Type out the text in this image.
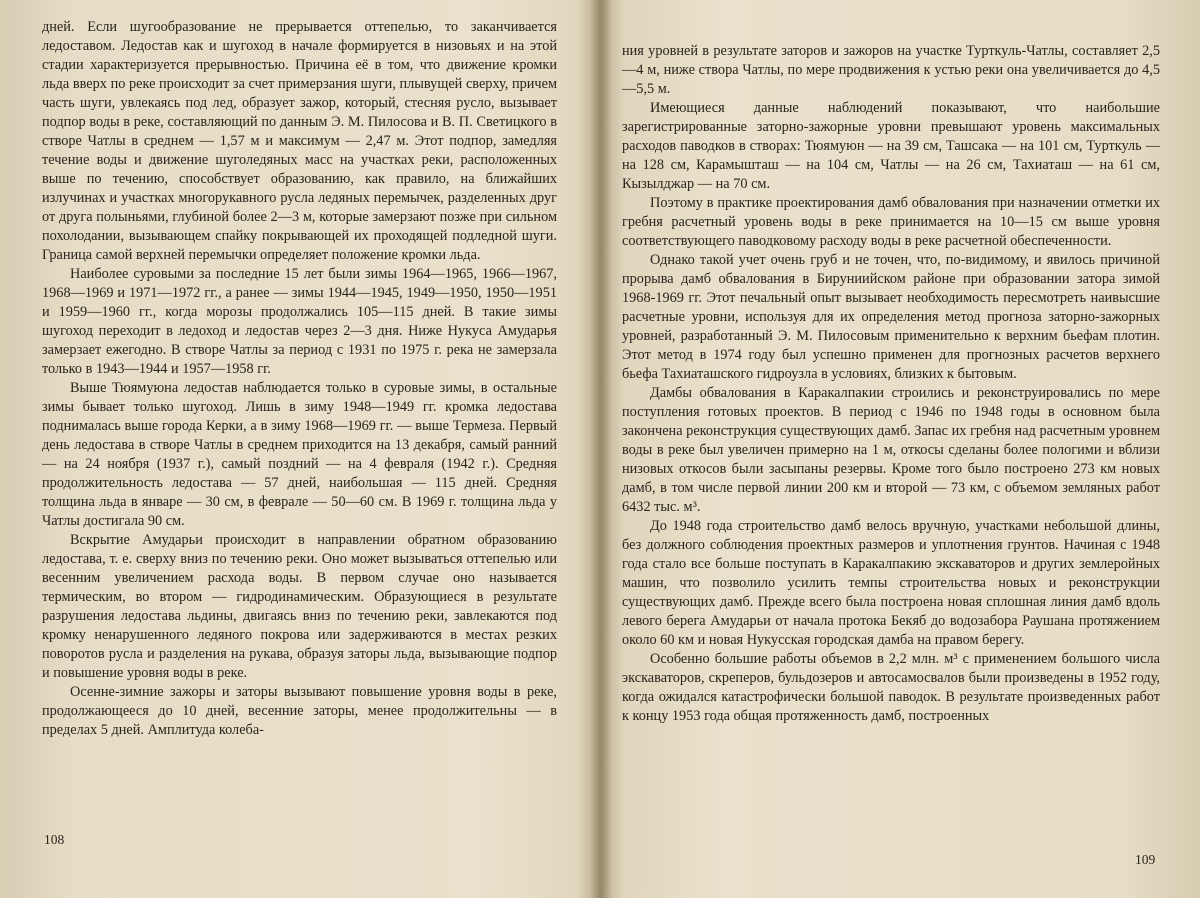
дней. Если шугообразование не прерывается оттепелью, то заканчивается ледоставом. Ледостав как и шугоход в начале формируется в низовьях и на этой стадии характеризуется прерывностью. Причина её в том, что движение кромки льда вверх по реке происходит за счет примерзания шуги, плывущей сверху, причем часть шуги, увлекаясь под лед, образует зажор, который, стесняя русло, вызывает подпор воды в реке, составляющий по данным Э. М. Пилосова и В. П. Светицкого в створе Чатлы в среднем — 1,57 м и максимум — 2,47 м. Этот подпор, замедляя течение воды и движение шуголедяных масс на участках реки, расположенных выше по течению, способствует образованию, как правило, на ближайших излучинах и участках многорукавного русла ледяных перемычек, разделенных друг от друга полыньями, глубиной более 2—3 м, которые замерзают позже при сильном похолодании, вызывающем спайку покрывающей их проходящей подледной шуги. Граница самой верхней перемычки определяет положение кромки льда.

Наиболее суровыми за последние 15 лет были зимы 1964—1965, 1966—1967, 1968—1969 и 1971—1972 гг., а ранее — зимы 1944—1945, 1949—1950, 1950—1951 и 1959—1960 гг., когда морозы продолжались 105—115 дней. В такие зимы шугоход переходит в ледоход и ледостав через 2—3 дня. Ниже Нукуса Амударья замерзает ежегодно. В створе Чатлы за период с 1931 по 1975 г. река не замерзала только в 1943—1944 и 1957—1958 гг.

Выше Тюямуюна ледостав наблюдается только в суровые зимы, в остальные зимы бывает только шугоход. Лишь в зиму 1948—1949 гг. кромка ледостава поднималась выше города Керки, а в зиму 1968—1969 гг. — выше Термеза. Первый день ледостава в створе Чатлы в среднем приходится на 13 декабря, самый ранний — на 24 ноября (1937 г.), самый поздний — на 4 февраля (1942 г.). Средняя продолжительность ледостава — 57 дней, наибольшая — 115 дней. Средняя толщина льда в январе — 30 см, в феврале — 50—60 см. В 1969 г. толщина льда у Чатлы достигала 90 см.

Вскрытие Амударьи происходит в направлении обратном образованию ледостава, т. е. сверху вниз по течению реки. Оно может вызываться оттепелью или весенним увеличением расхода воды. В первом случае оно называется термическим, во втором — гидродинамическим. Образующиеся в результате разрушения ледостава льдины, двигаясь вниз по течению реки, завлекаются под кромку ненарушенного ледяного покрова или задерживаются в местах резких поворотов русла и разделения на рукава, образуя заторы льда, вызывающие подпор и повышение уровня воды в реке.

Осенне-зимние зажоры и заторы вызывают повышение уровня воды в реке, продолжающееся до 10 дней, весенние заторы, менее продолжительны — в пределах 5 дней. Амплитуда колеба-

108

ния уровней в результате заторов и зажоров на участке Турткуль-Чатлы, составляет 2,5—4 м, ниже створа Чатлы, по мере продвижения к устью реки она увеличивается до 4,5—5,5 м.

Имеющиеся данные наблюдений показывают, что наибольшие зарегистрированные заторно-зажорные уровни превышают уровень максимальных расходов паводков в створах: Тюямуюн — на 39 см, Ташсака — на 101 см, Турткуль — на 128 см, Карамышташ — на 104 см, Чатлы — на 26 см, Тахиаташ — на 61 см, Кызылджар — на 70 см.

Поэтому в практике проектирования дамб обвалования при назначении отметки их гребня расчетный уровень воды в реке принимается на 10—15 см выше уровня соответствующего паводковому расходу воды в реке расчетной обеспеченности.

Однако такой учет очень груб и не точен, что, по-видимому, и явилось причиной прорыва дамб обвалования в Бируниийском районе при образовании затора зимой 1968-1969 гг. Этот печальный опыт вызывает необходимость пересмотреть наивысшие расчетные уровни, используя для их определения метод прогноза заторно-зажорных уровней, разработанный Э. М. Пилосовым применительно к верхним бьефам плотин. Этот метод в 1974 году был успешно применен для прогнозных расчетов верхнего бьефа Тахиаташского гидроузла в условиях, близких к бытовым.

Дамбы обвалования в Каракалпакии строились и реконструировались по мере поступления готовых проектов. В период с 1946 по 1948 годы в основном была закончена реконструкция существующих дамб. Запас их гребня над расчетным уровнем воды в реке был увеличен примерно на 1 м, откосы сделаны более пологими и вблизи низовых откосов были засыпаны резервы. Кроме того было построено 273 км новых дамб, в том числе первой линии 200 км и второй — 73 км, с объемом земляных работ 6432 тыс. м³.

До 1948 года строительство дамб велось вручную, участками небольшой длины, без должного соблюдения проектных размеров и уплотнения грунтов. Начиная с 1948 года стало все больше поступать в Каракалпакию экскаваторов и других землеройных машин, что позволило усилить темпы строительства новых и реконструкции существующих дамб. Прежде всего была построена новая сплошная линия дамб вдоль левого берега Амударьи от начала протока Бекяб до водозабора Раушана протяжением около 60 км и новая Нукусская городская дамба на правом берегу.

Особенно большие работы объемов в 2,2 млн. м³ с применением большого числа экскаваторов, скреперов, бульдозеров и автосамосвалов были произведены в 1952 году, когда ожидался катастрофически большой паводок. В результате произведенных работ к концу 1953 года общая протяженность дамб, построенных

109
